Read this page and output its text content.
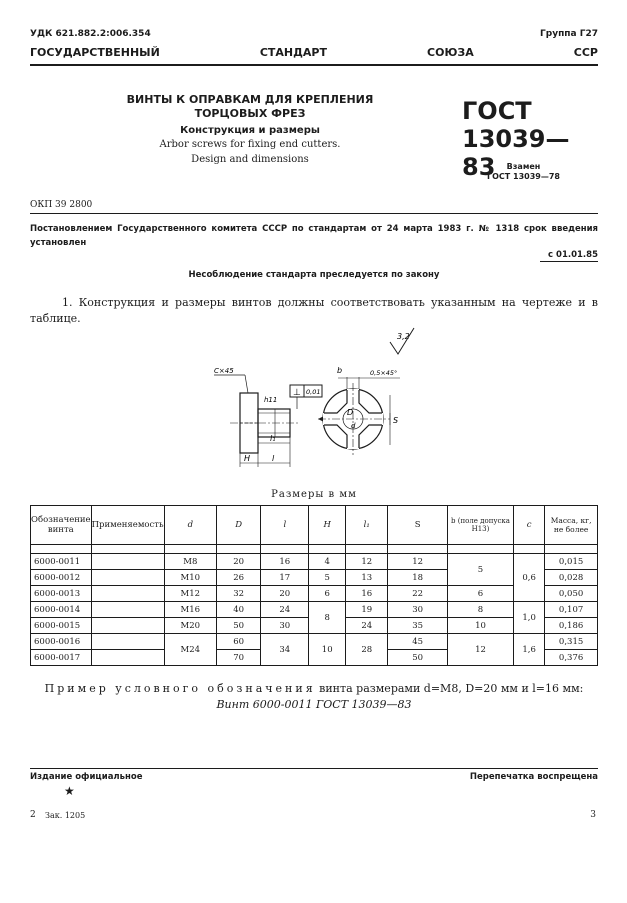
УДК 621.882.2:006.354	Группа Г27
ГОСУДАРСТВЕННЫЙ	СТАНДАРТ	СОЮЗА	ССР
ВИНТЫ К ОПРАВКАМ ДЛЯ КРЕПЛЕНИЯ
ТОРЦОВЫХ ФРЕЗ
Конструкция и размеры
Arbor screws for fixing end cutters.
Design and dimensions
ГОСТ
13039—83	Взамен
ГОСТ 13039—78
ОКП 39 2800
Постановлением Государственного комитета СССР по стандартам от 24 марта 1983 г. № 1318 срок введения установлен
с 01.01.85
Несоблюдение стандарта преследуется по закону
1. Конструкция и размеры винтов должны соответствовать указанным на чертеже и в таблице.
3,2
C×45
h11
⊥ 0,01
l₁
l
H
b	0,5×45°
D
d
S
Размеры в мм
Обозначение винта	Применяемость	d	D	l	H	l₁	S	b (поле допуска H13)	c	Масса, кг, не более

6000-0011		M8	20	16	4	12	12	5	0,6	0,015
6000-0012		M10	26	17	5	13	18			0,028
6000-0013		M12	32	20	6	16	22	6		0,050
6000-0014		M16	40	24	8	19	30	8	1,0	0,107
6000-0015		M20	50	30		24	35	10		0,186
6000-0016		M24	60	34	10	28	45	12	1,6	0,315
6000-0017			70				50			0,376
Пример условного обозначения винта размерами d=M8, D=20 мм и l=16 мм:
Винт 6000-0011 ГОСТ 13039—83
Издание официальное	Перепечатка воспрещена
★
2 Зак. 1205	3
